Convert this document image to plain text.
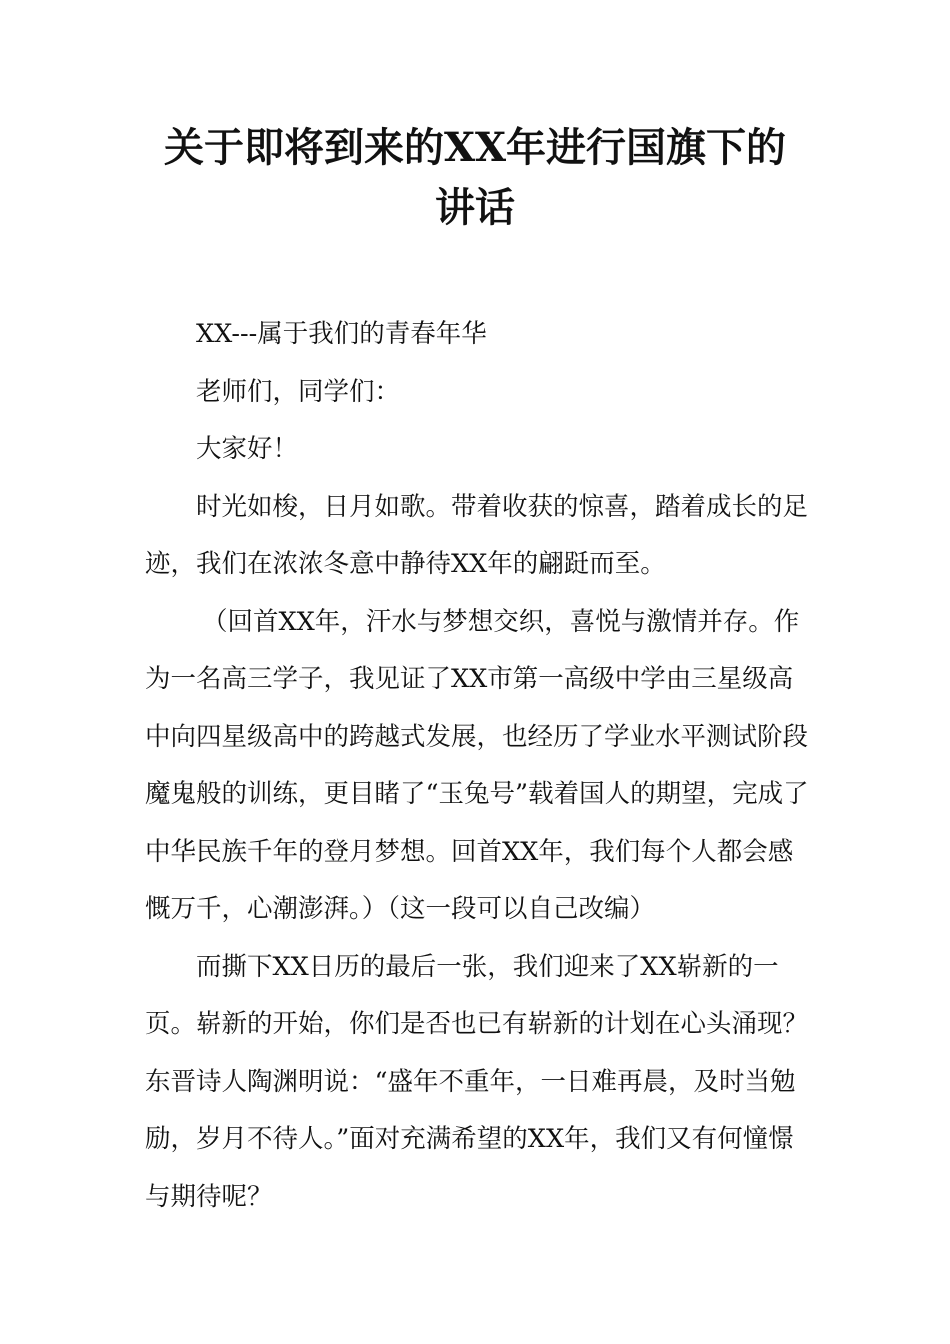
关于即将到来的XX年进行国旗下的讲话

XX---属于我们的青春年华

老师们，同学们：

大家好！

时光如梭，日月如歌。带着收获的惊喜，踏着成长的足迹，我们在浓浓冬意中静待XX年的翩跹而至。

（回首XX年，汗水与梦想交织，喜悦与激情并存。作为一名高三学子，我见证了XX市第一高级中学由三星级高中向四星级高中的跨越式发展，也经历了学业水平测试阶段魔鬼般的训练，更目睹了“玉兔号”载着国人的期望，完成了中华民族千年的登月梦想。回首XX年，我们每个人都会感慨万千，心潮澎湃。）（这一段可以自己改编）

而撕下XX日历的最后一张，我们迎来了XX崭新的一页。崭新的开始，你们是否也已有崭新的计划在心头涌现？东晋诗人陶渊明说：“盛年不重年，一日难再晨，及时当勉励，岁月不待人。”面对充满希望的XX年，我们又有何憧憬与期待呢？
